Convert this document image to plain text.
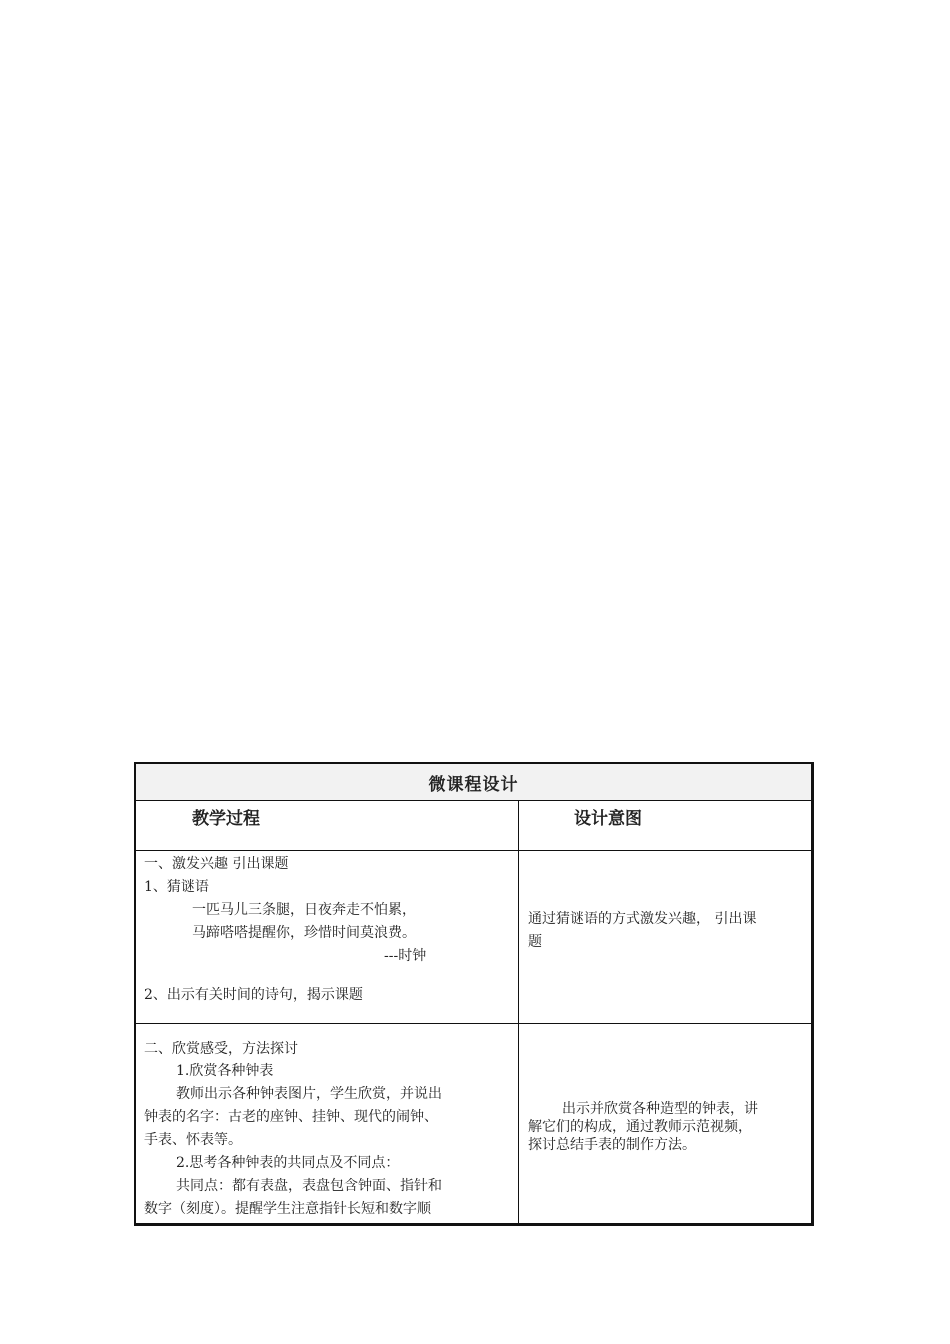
微课程设计
教学过程	设计意图
一、激发兴趣 引出课题
1、猜谜语
一匹马儿三条腿，日夜奔走不怕累，
马蹄嗒嗒提醒你，珍惜时间莫浪费。
---时钟
2、出示有关时间的诗句，揭示课题
通过猜谜语的方式激发兴趣， 引出课
题
二、欣赏感受，方法探讨
1.欣赏各种钟表
教师出示各种钟表图片，学生欣赏，并说出
钟表的名字：古老的座钟、挂钟、现代的闹钟、
手表、怀表等。
2.思考各种钟表的共同点及不同点：
共同点：都有表盘，表盘包含钟面、指针和
数字（刻度）。提醒学生注意指针长短和数字顺
出示并欣赏各种造型的钟表，讲
解它们的构成，通过教师示范视频，
探讨总结手表的制作方法。
